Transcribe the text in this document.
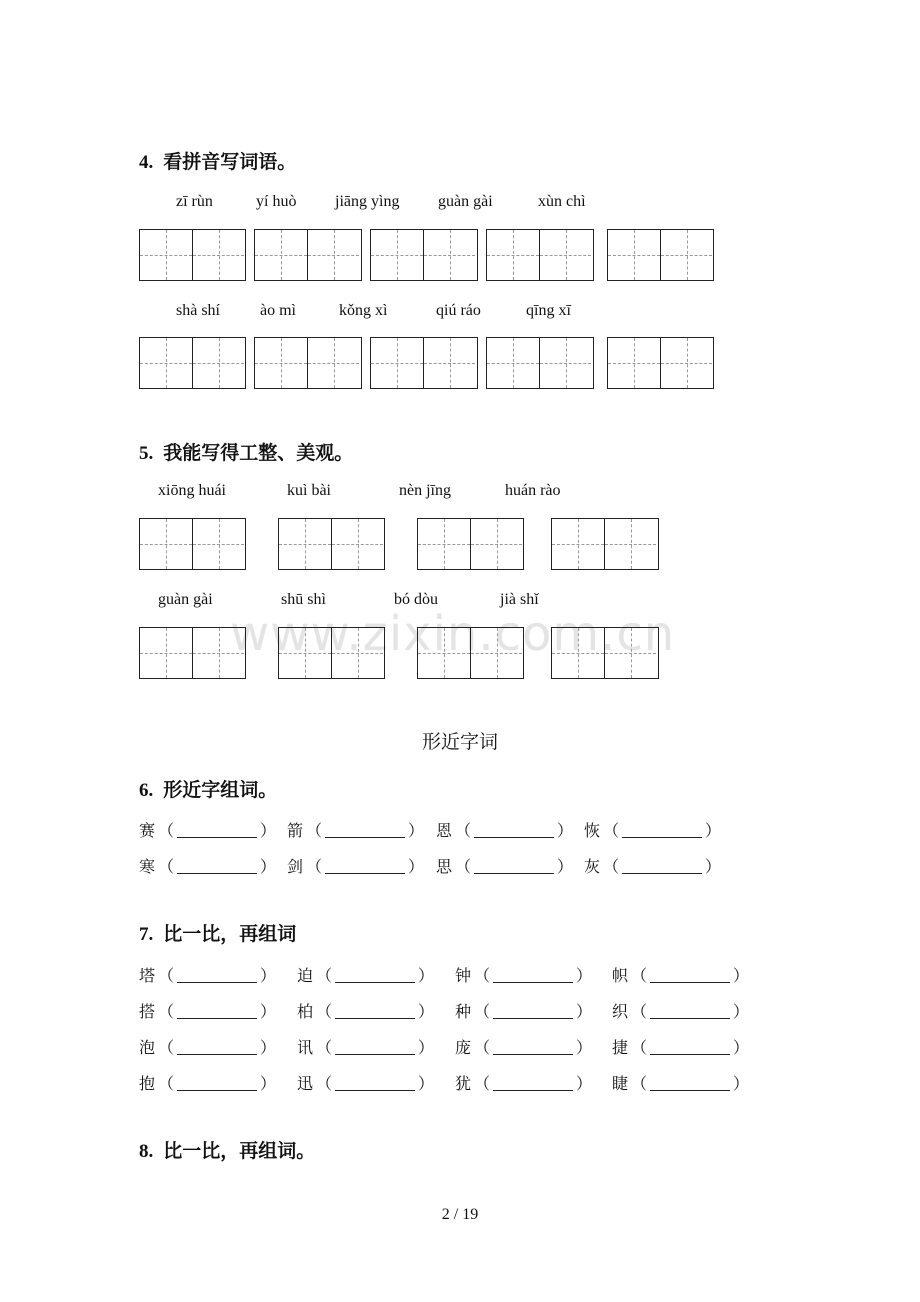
www.zixin.com.cn
4. 看拼音写词语。
zī rùn	yí huò jiāng yìng guàn gài	xùn chì
shà shí	ào mì	kǒng xì	qiú ráo	qīng xī
5. 我能写得工整、美观。
xiōng huái	kuì bài	nèn jīng	huán rào
guàn gài	shū shì	bó dòu	jià shǐ
形近字词
6. 形近字组词。
赛 （	） 箭 （	） 恩 （	） 恢 （	）
寒 （	） 剑 （	） 思 （	） 灰 （	）
7. 比一比，再组词
塔 （	） 迫 （	） 钟 （	） 帜 （	）
搭 （	） 柏 （	） 种 （	） 织 （	）
泡 （	） 讯 （	） 庞 （	） 捷 （	）
抱 （	） 迅 （	） 犹 （	） 睫 （	）
8. 比一比，再组词。
2 / 19
